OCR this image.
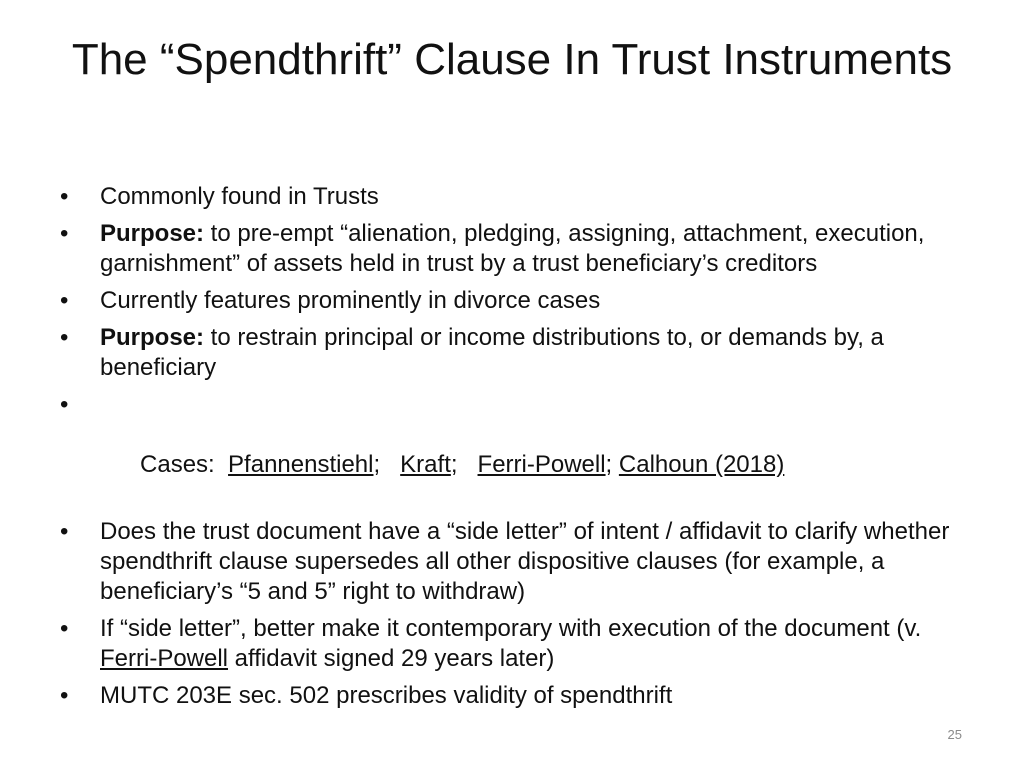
The “Spendthrift” Clause In Trust Instruments
•	Commonly found in Trusts
•	Purpose: to pre-empt “alienation, pledging, assigning, attachment, execution, garnishment” of assets held in trust by a trust beneficiary’s creditors
•	Currently features prominently in divorce cases
•	Purpose: to restrain principal or income distributions to, or demands by, a beneficiary

•

Cases:  Pfannenstiehl;   Kraft;   Ferri-Powell; Calhoun (2018)

•	Does the trust document have a “side letter” of intent / affidavit to clarify whether spendthrift clause supersedes all other dispositive clauses (for example, a beneficiary’s “5 and 5” right to withdraw)
•	If “side letter”, better make it contemporary with execution of the document (v. Ferri-Powell affidavit signed 29 years later)
•	MUTC 203E sec. 502 prescribes validity of spendthrift
25
